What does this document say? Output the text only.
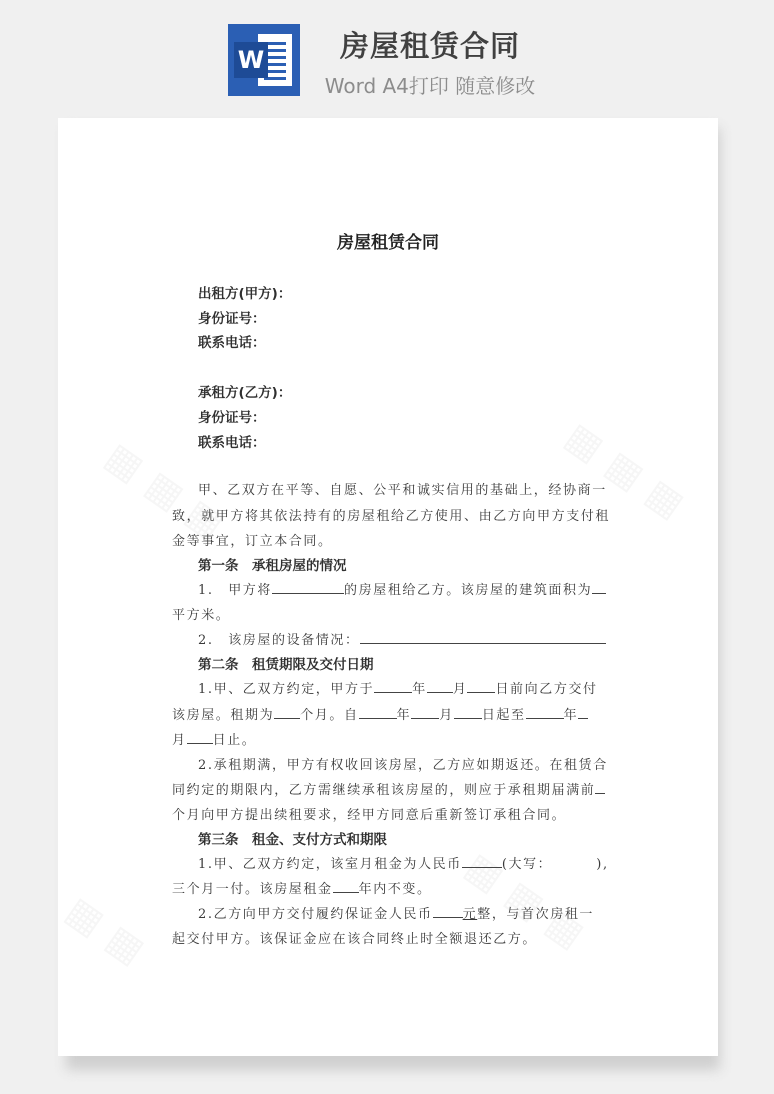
W	房屋租赁合同
Word A4打印 随意修改
房屋租赁合同
出租方(甲方)：
身份证号：
联系电话：
承租方(乙方)：
身份证号：
联系电话：
甲、乙双方在平等、自愿、公平和诚实信用的基础上，经协商一
致，就甲方将其依法持有的房屋租给乙方使用、由乙方向甲方支付租
金等事宜，订立本合同。
第一条　承租房屋的情况
1.　甲方将	的房屋租给乙方。该房屋的建筑面积为
平方米。
2.　该房屋的设备情况：
第二条　租赁期限及交付日期
1.甲、乙双方约定，甲方于	年 月 日前向乙方交付
该房屋。租期为 个月。自	年 月 日起至	年
月 日止。
2.承租期满，甲方有权收回该房屋，乙方应如期返还。在租赁合
同约定的期限内，乙方需继续承租该房屋的，则应于承租期届满前
个月向甲方提出续租要求，经甲方同意后重新签订承租合同。
第三条　租金、支付方式和期限
1.甲、乙双方约定，该室月租金为人民币	(大写：	),
三个月一付。该房屋租金 年内不变。
2.乙方向甲方交付履约保证金人民币 元整，与首次房租一
起交付甲方。该保证金应在该合同终止时全额退还乙方。
